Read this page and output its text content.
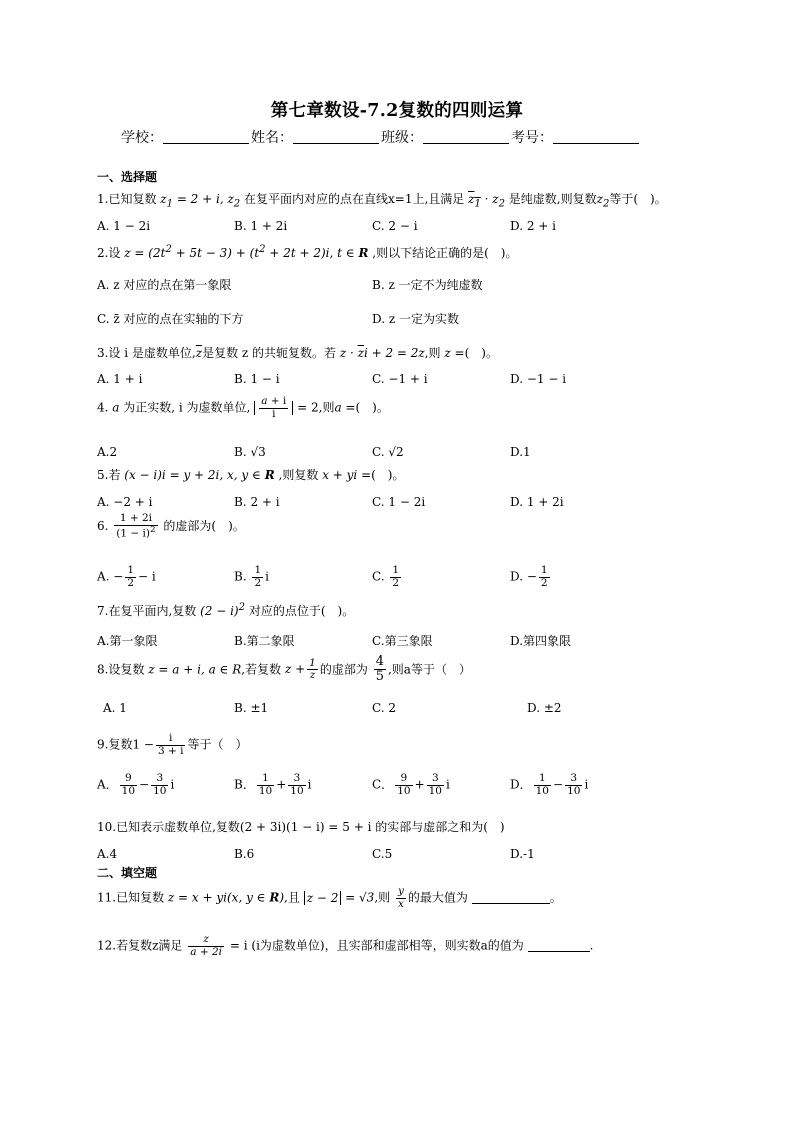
第七章数设-7.2复数的四则运算
学校：	姓名：	班级：	考号：
一、选择题
1.已知复数 $z_1 = 2 + i$, $z_2$ 在复平面内对应的点在直线x=1上,且满足 $z_1 \cdot z_2$ 是纯虚数,则复数$z_2$等于(　)。
A. 1 − 2i	B. 1 + 2i	C. 2 − i	D. 2 + i
2.设 $z = (2t^2 + 5t - 3) + (t^2 + 2t + 2)i$, t ∈ R ,则以下结论正确的是(　)。
A. z 对应的点在第一象限	B. z 一定不为纯虚数
C. z̄ 对应的点在实轴的下方	D. z 一定为实数
3.设 i 是虚数单位$,\overline{z}$是复数 z 的共轭复数。若 $z \cdot \overline{z}i + 2 = 2z$,则 z =(　)。
A. 1 + i	B. 1 − i	C. −1 + i	D. −1 − i
4. a 为正实数, i 为虚数单位, $\frac{a + i}{i} = 2$,则a =(　)。
A.2	B. √3	C. √2	D.1
5.若 (x − i)i = y + 2i, x, y ∈ R ,则复数 x + yi =(　)。
A. −2 + i	B. 2 + i	C. 1 − 2i	D. 1 + 2i
6. $\frac{1 + 2i}{(1 - i)^2}$ 的虚部为(　)。
A. − $\frac{1}{2} - i$	B. $\frac{1}{2}$ i	C. $\frac{1}{2}$	D. − $\frac{1}{2}$
7.在复平面内,复数 $(2 - i)^2$ 对应的点位于(　)。
A.第一象限	B.第二象限	C.第三象限	D.第四象限
8.设复数 z = a + i, a ∈ R,若复数 $z + \frac{1}{z}$ 的虚部为 $\frac{4}{5}$ ,则a等于（　）
A. 1	B. ±1	C. 2	D. ±2
9.复数$1 - \frac{i}{3 + i}$ 等于（　）
A． $\frac{9}{10} - \frac{3}{10}$ i	B． $\frac{1}{10} + \frac{3}{10}$ i	C． $\frac{9}{10} + \frac{3}{10}$ i	D． $\frac{1}{10} - \frac{3}{10}$ i
10.已知表示虚数单位,复数(2 + 3i)(1 − i) = 5 + i 的实部与虚部之和为(　)
A.4	B.6	C.5	D.-1
二、填空题
11.已知复数 z = x + yi(x, y ∈ R),且 z − 2 = √3,则 $\frac{y}{x}$ 的最大值为	。
12.若复数z满足 $\frac{z}{a + 2i} = i$ (i为虚数单位)，且实部和虚部相等，则实数a的值为	.
